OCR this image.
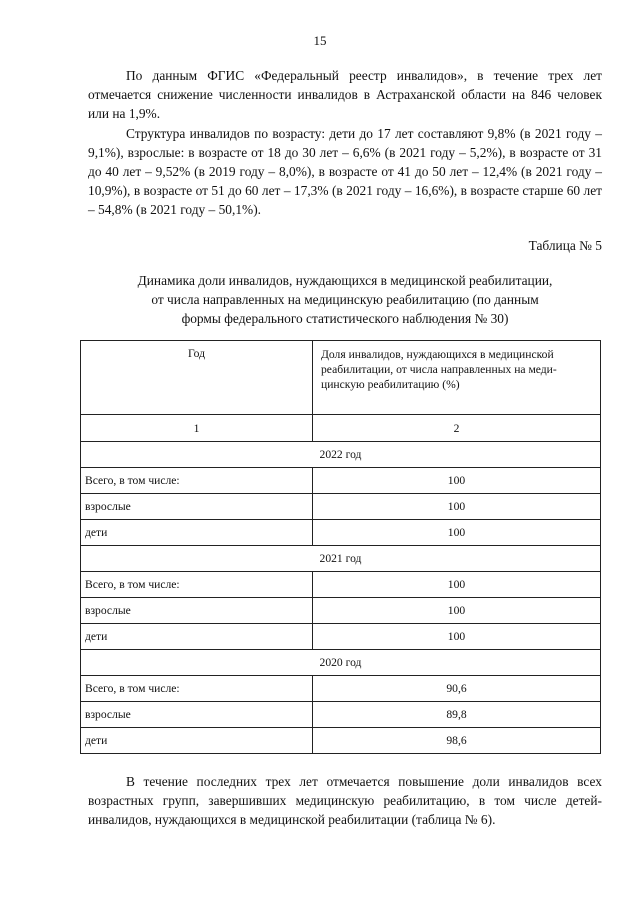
15

По данным ФГИС «Федеральный реестр инвалидов», в течение трех лет отмечается снижение численности инвалидов в Астраханской области на 846 человек или на 1,9%.

Структура инвалидов по возрасту: дети до 17 лет составляют 9,8% (в 2021 году – 9,1%), взрослые: в возрасте от 18 до 30 лет – 6,6% (в 2021 году – 5,2%), в возрасте от 31 до 40 лет – 9,52% (в 2019 году – 8,0%), в возрасте от 41 до 50 лет – 12,4% (в 2021 году – 10,9%), в возрасте от 51 до 60 лет – 17,3% (в 2021 году – 16,6%), в возрасте старше 60 лет – 54,8% (в 2021 году – 50,1%).

Таблица № 5
Динамика доли инвалидов, нуждающихся в медицинской реабилитации,
от числа направленных на медицинскую реабилитацию (по данным
формы федерального статистического наблюдения № 30)
Год	Доля инвалидов, нуждающихся в медицинской реабилитации, от числа направленных на меди-цинскую реабилитацию (%)
1	2
2022 год	
Всего, в том числе:	100
взрослые	100
дети	100
2021 год	
Всего, в том числе:	100
взрослые	100
дети	100
2020 год	
Всего, в том числе:	90,6
взрослые	89,8
дети	98,6

В течение последних трех лет отмечается повышение доли инвалидов всех возрастных групп, завершивших медицинскую реабилитацию, в том числе детей-инвалидов, нуждающихся в медицинской реабилитации (таблица № 6).
